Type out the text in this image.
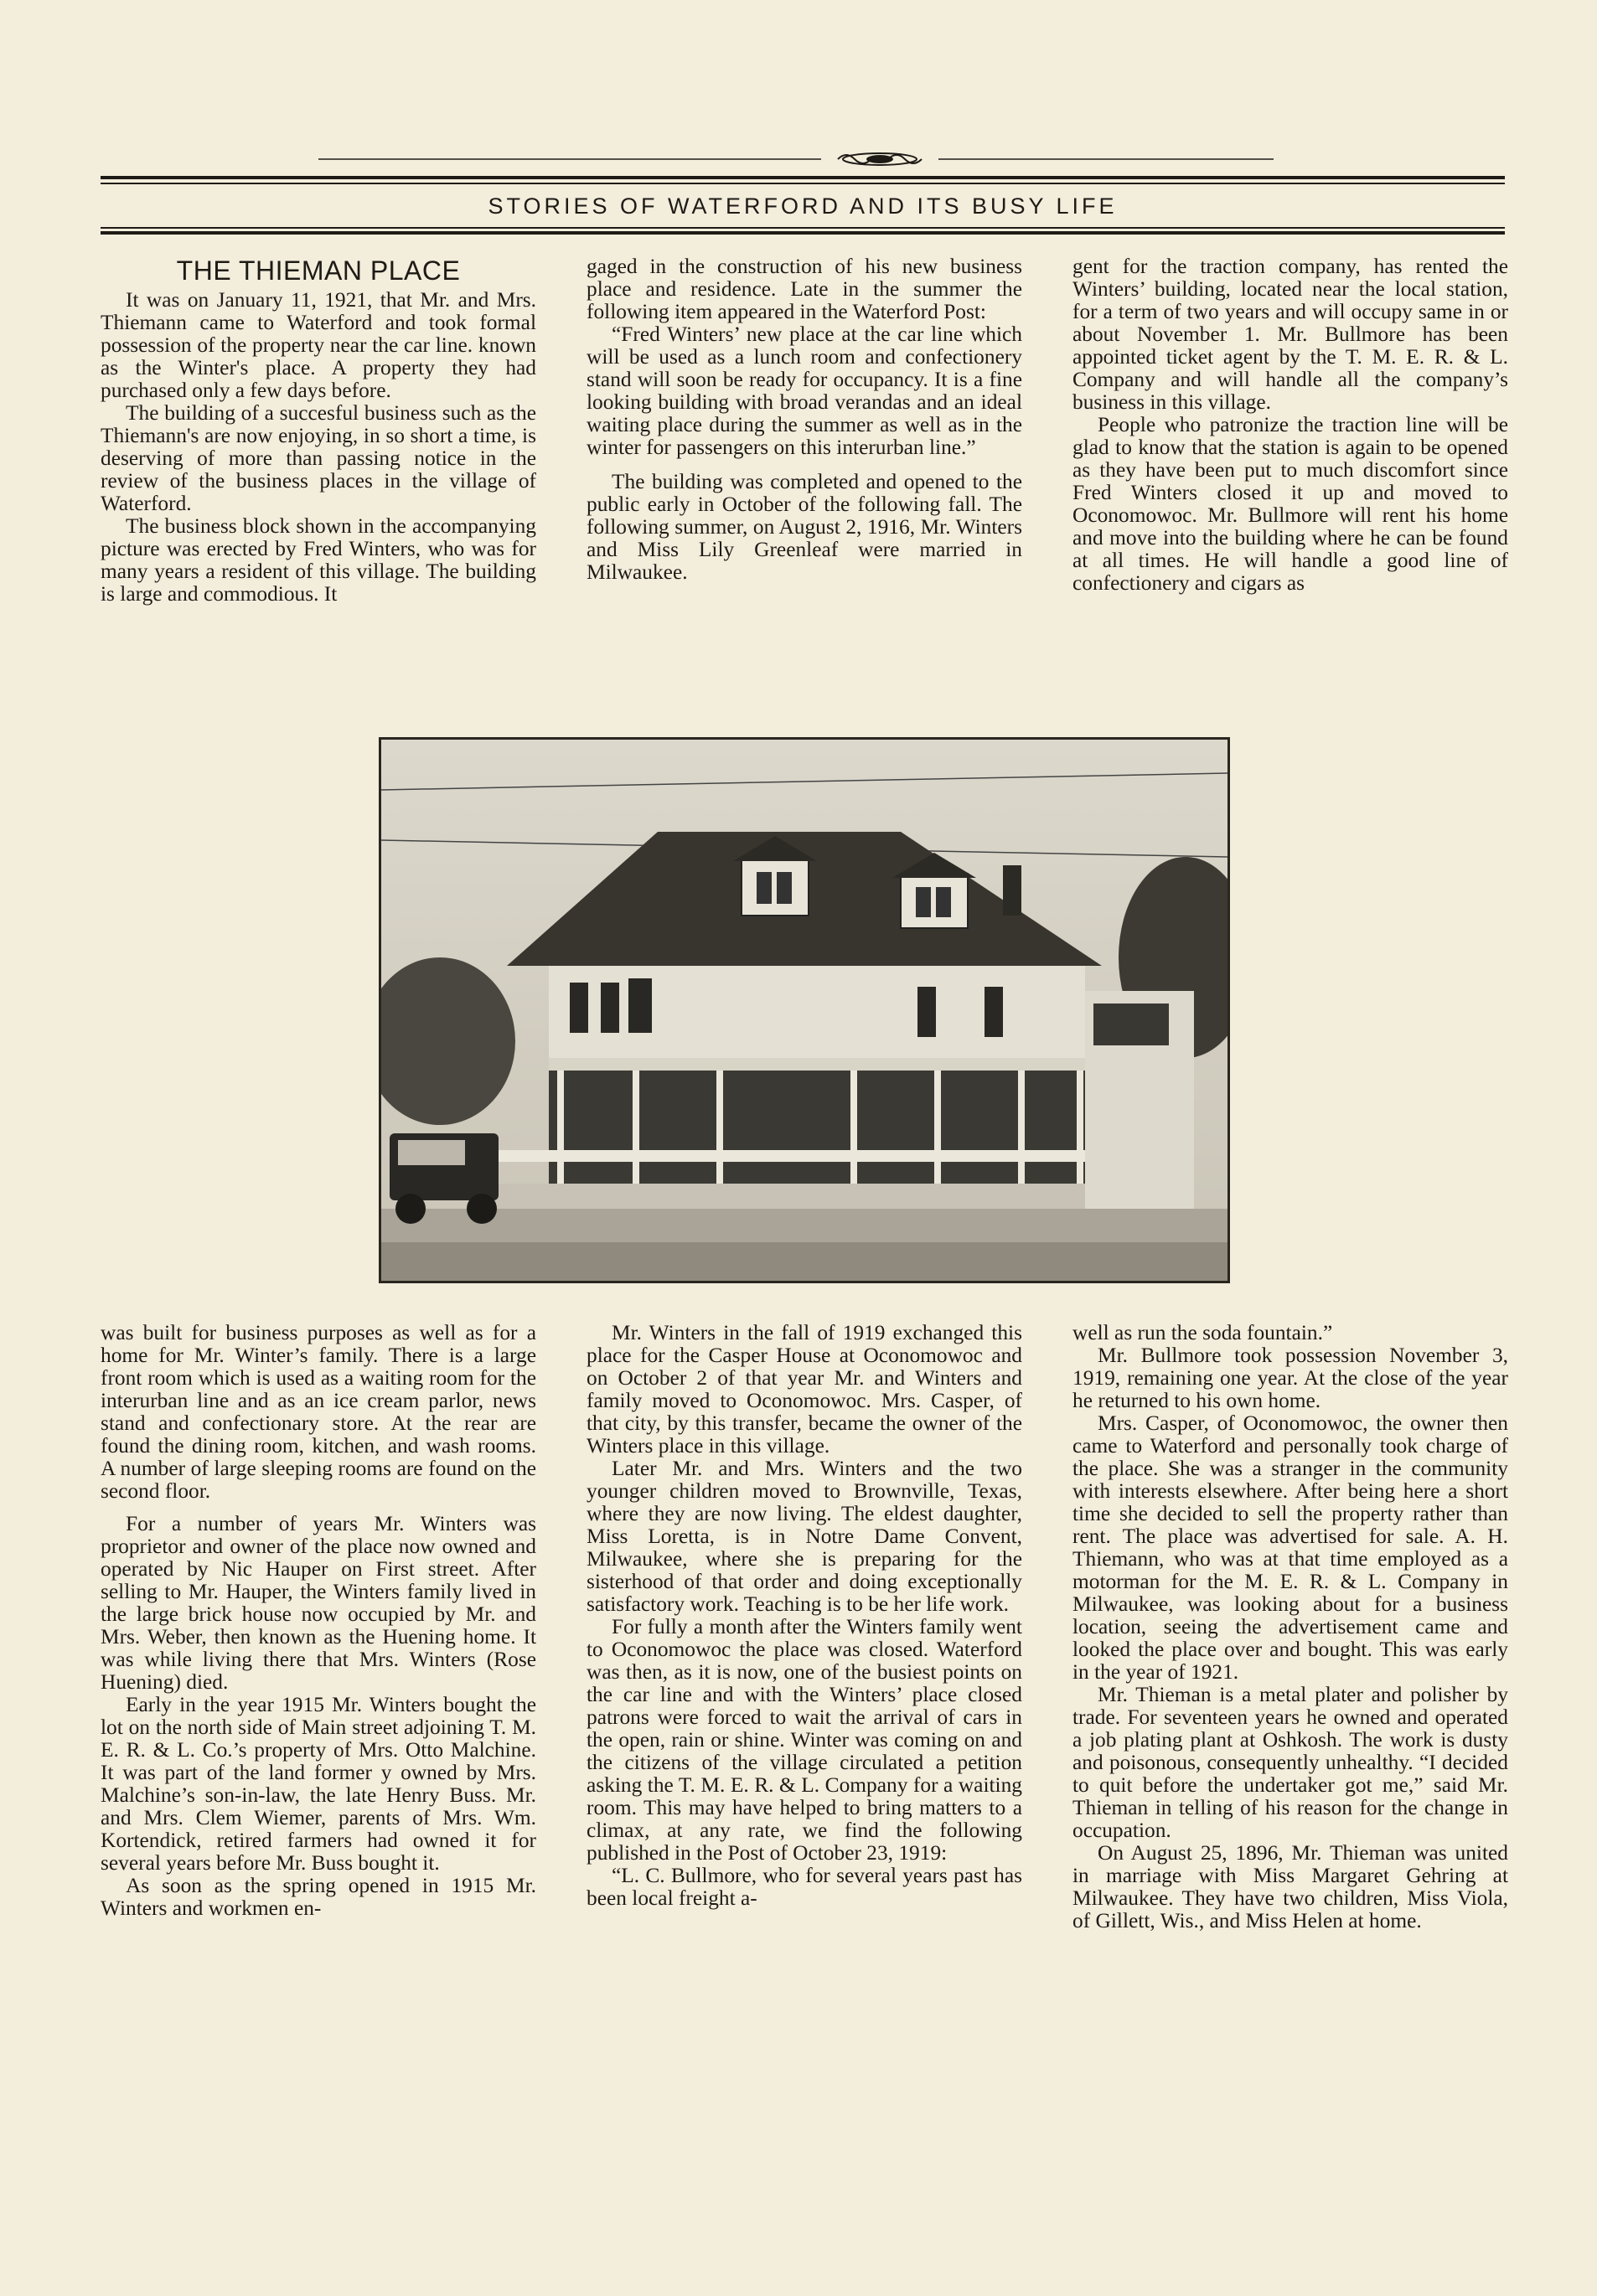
STORIES OF WATERFORD AND ITS BUSY LIFE
THE THIEMAN PLACE

It was on January 11, 1921, that Mr. and Mrs. Thiemann came to Waterford and took formal possession of the property near the car line. known as the Winter's place. A property they had purchased only a few days before.

The building of a succesful business such as the Thiemann's are now enjoying, in so short a time, is deserving of more than passing notice in the review of the business places in the village of Waterford.

The business block shown in the accompanying picture was erected by Fred Winters, who was for many years a resident of this village. The building is large and commodious. It

gaged in the construction of his new business place and residence. Late in the summer the following item appeared in the Waterford Post:

“Fred Winters’ new place at the car line which will be used as a lunch room and confectionery stand will soon be ready for occupancy. It is a fine looking building with broad verandas and an ideal waiting place during the summer as well as in the winter for passengers on this interurban line.”

The building was completed and opened to the public early in October of the following fall. The following summer, on August 2, 1916, Mr. Winters and Miss Lily Greenleaf were married in Milwaukee.

gent for the traction company, has rented the Winters’ building, located near the local station, for a term of two years and will occupy same in or about November 1. Mr. Bullmore has been appointed ticket agent by the T. M. E. R. & L. Company and will handle all the company’s business in this village.

People who patronize the traction line will be glad to know that the station is again to be opened as they have been put to much discomfort since Fred Winters closed it up and moved to Oconomowoc. Mr. Bullmore will rent his home and move into the building where he can be found at all times. He will handle a good line of confectionery and cigars as

was built for business purposes as well as for a home for Mr. Winter’s family. There is a large front room which is used as a waiting room for the interurban line and as an ice cream parlor, news stand and confectionary store. At the rear are found the dining room, kitchen, and wash rooms. A number of large sleeping rooms are found on the second floor.

For a number of years Mr. Winters was proprietor and owner of the place now owned and operated by Nic Hauper on First street. After selling to Mr. Hauper, the Winters family lived in the large brick house now occupied by Mr. and Mrs. Weber, then known as the Huening home. It was while living there that Mrs. Winters (Rose Huening) died.

Early in the year 1915 Mr. Winters bought the lot on the north side of Main street adjoining T. M. E. R. & L. Co.’s property of Mrs. Otto Malchine. It was part of the land former y owned by Mrs. Malchine’s son-in-law, the late Henry Buss. Mr. and Mrs. Clem Wiemer, parents of Mrs. Wm. Kortendick, retired farmers had owned it for several years before Mr. Buss bought it.

As soon as the spring opened in 1915 Mr. Winters and workmen en-

Mr. Winters in the fall of 1919 exchanged this place for the Casper House at Oconomowoc and on October 2 of that year Mr. and Winters and family moved to Oconomowoc. Mrs. Casper, of that city, by this transfer, became the owner of the Winters place in this village.

Later Mr. and Mrs. Winters and the two younger children moved to Brownville, Texas, where they are now living. The eldest daughter, Miss Loretta, is in Notre Dame Convent, Milwaukee, where she is preparing for the sisterhood of that order and doing exceptionally satisfactory work. Teaching is to be her life work.

For fully a month after the Winters family went to Oconomowoc the place was closed. Waterford was then, as it is now, one of the busiest points on the car line and with the Winters’ place closed patrons were forced to wait the arrival of cars in the open, rain or shine. Winter was coming on and the citizens of the village circulated a petition asking the T. M. E. R. & L. Company for a waiting room. This may have helped to bring matters to a climax, at any rate, we find the following published in the Post of October 23, 1919:

“L. C. Bullmore, who for several years past has been local freight a-

well as run the soda fountain.”

Mr. Bullmore took possession November 3, 1919, remaining one year. At the close of the year he returned to his own home.

Mrs. Casper, of Oconomowoc, the owner then came to Waterford and personally took charge of the place. She was a stranger in the community with interests elsewhere. After being here a short time she decided to sell the property rather than rent. The place was advertised for sale. A. H. Thiemann, who was at that time employed as a motorman for the M. E. R. & L. Company in Milwaukee, was looking about for a business location, seeing the advertisement came and looked the place over and bought. This was early in the year of 1921.

Mr. Thieman is a metal plater and polisher by trade. For seventeen years he owned and operated a job plating plant at Oshkosh. The work is dusty and poisonous, consequently unhealthy. “I decided to quit before the undertaker got me,” said Mr. Thieman in telling of his reason for the change in occupation.

On August 25, 1896, Mr. Thieman was united in marriage with Miss Margaret Gehring at Milwaukee. They have two children, Miss Viola, of Gillett, Wis., and Miss Helen at home.
